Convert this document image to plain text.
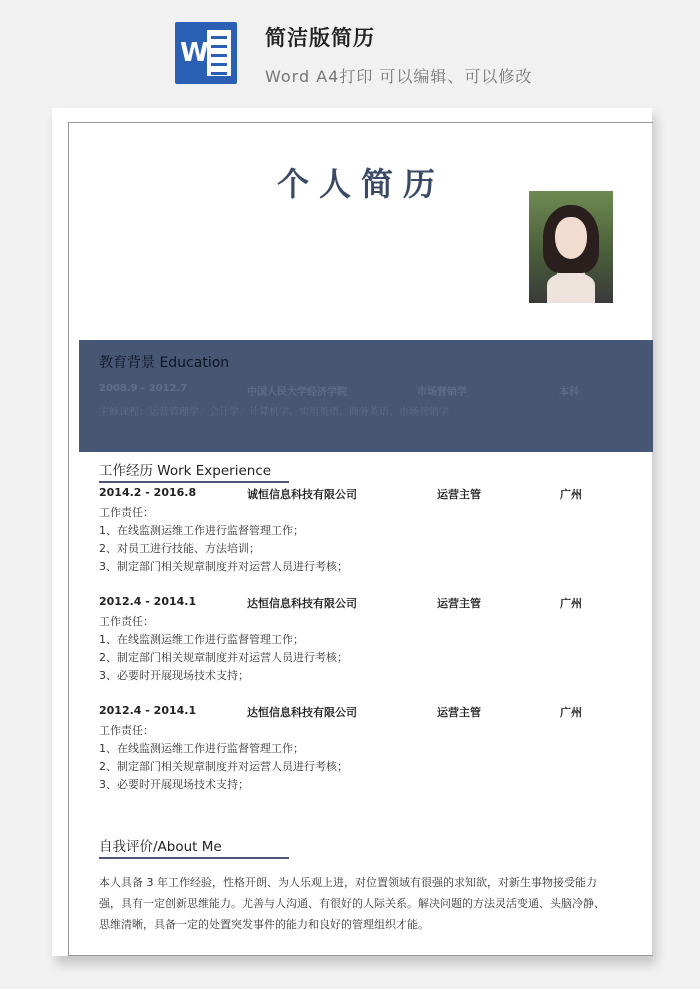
W	简洁版简历
Word A4打印 可以编辑、可以修改
个人简历
教育背景 Education
2008.9 - 2012.7	中国人民大学经济学院	市场营销学	本科
主修课程：运营管理学、会计学、计算机学、实用英语、商务英语、市场营销学
工作经历 Work Experience
2014.2 - 2016.8	诚恒信息科技有限公司	运营主管	广州
工作责任：
1、在线监测运维工作进行监督管理工作；
2、对员工进行技能、方法培训；
3、制定部门相关规章制度并对运营人员进行考核；
2012.4 - 2014.1	达恒信息科技有限公司	运营主管	广州
工作责任：
1、在线监测运维工作进行监督管理工作；
2、制定部门相关规章制度并对运营人员进行考核；
3、必要时开展现场技术支持；
2012.4 - 2014.1	达恒信息科技有限公司	运营主管	广州
工作责任：
1、在线监测运维工作进行监督管理工作；
2、制定部门相关规章制度并对运营人员进行考核；
3、必要时开展现场技术支持；
自我评价/About Me
本人具备 3 年工作经验，性格开朗、为人乐观上进，对位置领域有很强的求知欲，对新生事物接受能力强，具有一定创新思维能力。尤善与人沟通、有很好的人际关系。解决问题的方法灵活变通、头脑冷静、思维清晰，具备一定的处置突发事件的能力和良好的管理组织才能。
